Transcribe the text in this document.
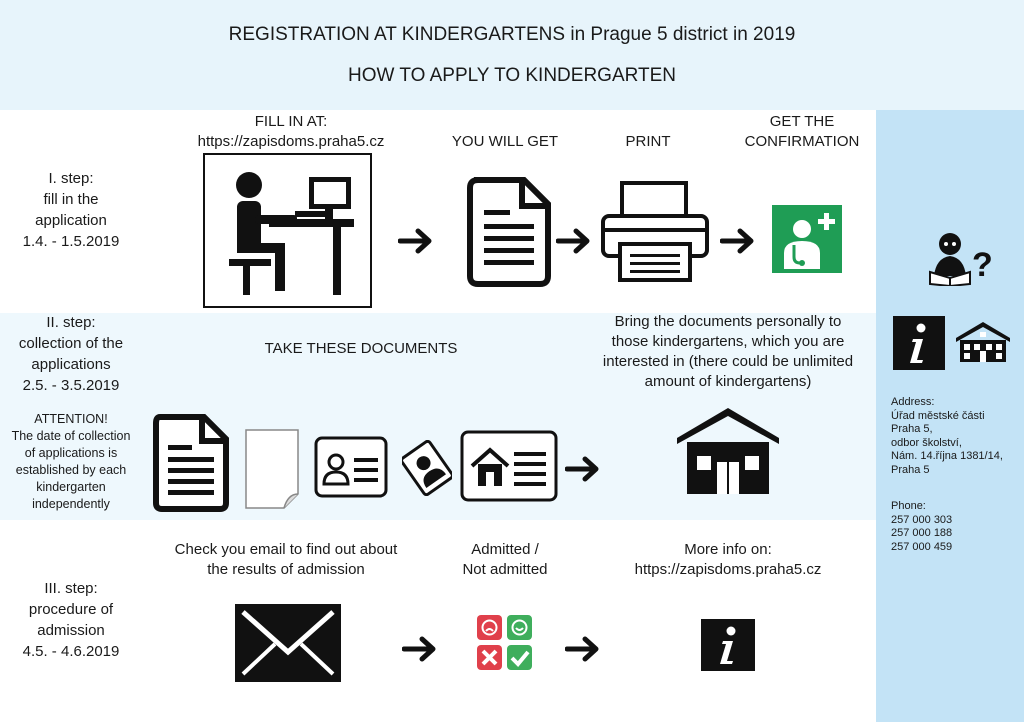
REGISTRATION AT KINDERGARTENS in Prague 5 district in 2019
HOW TO APPLY TO KINDERGARTEN
I. step:
fill in the
application
1.4. - 1.5.2019
FILL IN AT:
https://zapisdoms.praha5.cz	YOU WILL GET	PRINT
GET THE
CONFIRMATION
II. step:
collection of the
applications
2.5. - 3.5.2019
ATTENTION!
The date of collection
of applications is
established by each
kindergarten
independently
TAKE THESE DOCUMENTS
Bring the documents personally to
those kindergartens, which you are
interested in (there could be unlimited
amount of kindergartens)
III. step:
procedure of
admission
4.5. - 4.6.2019
Check you email to find out about
the results of admission
Admitted /
Not admitted
More info on:
https://zapisdoms.praha5.cz
?
Address:
Úřad městské části
Praha 5,
odbor školství,
Nám. 14.října 1381/14,
Praha 5
Phone:
257 000 303
257 000 188
257 000 459
